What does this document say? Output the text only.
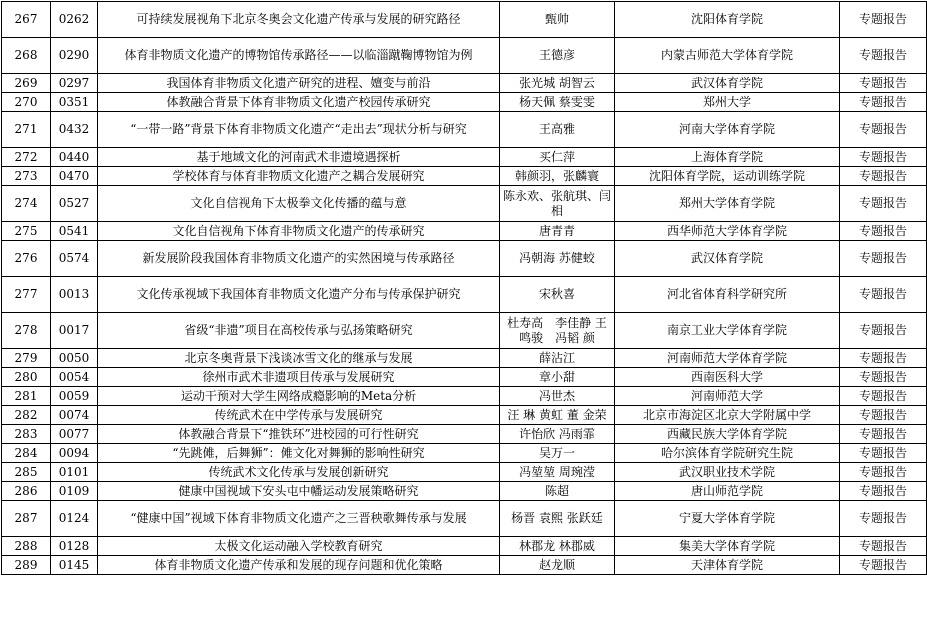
267	0262	可持续发展视角下北京冬奥会文化遗产传承与发展的研究路径	甄帅	沈阳体育学院	专题报告
268	0290	体育非物质文化遗产的博物馆传承路径——以临淄蹴鞠博物馆为例	王德彦	内蒙古师范大学体育学院	专题报告
269	0297	我国体育非物质文化遗产研究的进程、嬗变与前沿	张光城 胡智云	武汉体育学院	专题报告
270	0351	体教融合背景下体育非物质文化遗产校园传承研究	杨天佩 蔡雯雯	郑州大学	专题报告
271	0432	“一带一路”背景下体育非物质文化遗产“走出去”现状分析与研究	王高雅	河南大学体育学院	专题报告
272	0440	基于地域文化的河南武术非遗境遇探析	买仁萍	上海体育学院	专题报告
273	0470	学校体育与体育非物质文化遗产之耦合发展研究	韩颜羽，张麟寰	沈阳体育学院，运动训练学院	专题报告
274	0527	文化自信视角下太极拳文化传播的蕴与意	陈永欢、张航琪、闫相	郑州大学体育学院	专题报告
275	0541	文化自信视角下体育非物质文化遗产的传承研究	唐青青	西华师范大学体育学院	专题报告
276	0574	新发展阶段我国体育非物质文化遗产的实然困境与传承路径	冯朝海 苏健蛟	武汉体育学院	专题报告
277	0013	文化传承视域下我国体育非物质文化遗产分布与传承保护研究	宋秋喜	河北省体育科学研究所	专题报告
278	0017	省级“非遗”项目在高校传承与弘扬策略研究	杜寿高　李佳静 王鸣骏　冯韬 颜	南京工业大学体育学院	专题报告
279	0050	北京冬奥背景下浅谈冰雪文化的继承与发展	薛沾江	河南师范大学体育学院	专题报告
280	0054	徐州市武术非遗项目传承与发展研究	章小甜	西南医科大学	专题报告
281	0059	运动干预对大学生网络成瘾影响的Meta分析	冯世杰	河南师范大学	专题报告
282	0074	传统武术在中学传承与发展研究	汪 琳 黄虹 董 金荣	北京市海淀区北京大学附属中学	专题报告
283	0077	体教融合背景下“推铁环”进校园的可行性研究	许怡欣 冯雨霏	西藏民族大学体育学院	专题报告
284	0094	“先跳傩，后舞狮”：傩文化对舞狮的影响性研究	吴万一	哈尔滨体育学院研究生院	专题报告
285	0101	传统武术文化传承与发展创新研究	冯堃堃 周琬滢	武汉职业技术学院	专题报告
286	0109	健康中国视域下安头屯中幡运动发展策略研究	陈超	唐山师范学院	专题报告
287	0124	“健康中国”视域下体育非物质文化遗产之三晋秧歌舞传承与发展	杨晋 袁熙 张跃廷	宁夏大学体育学院	专题报告
288	0128	太极文化运动融入学校教育研究	林郡龙 林郡威	集美大学体育学院	专题报告
289	0145	体育非物质文化遗产传承和发展的现存问题和优化策略	赵龙顺	天津体育学院	专题报告
